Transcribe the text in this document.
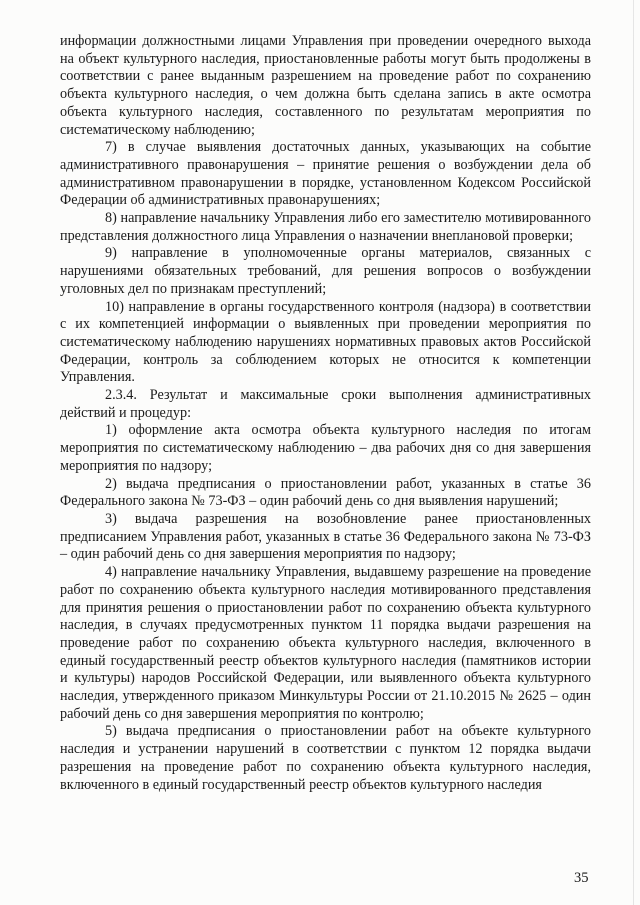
информации должностными лицами Управления при проведении очередного выхода на объект культурного наследия, приостановленные работы могут быть продолжены в соответствии с ранее выданным разрешением на проведение работ по сохранению объекта культурного наследия, о чем должна быть сделана запись в акте осмотра объекта культурного наследия, составленного по результатам мероприятия по систематическому наблюдению;

7) в случае выявления достаточных данных, указывающих на событие административного правонарушения – принятие решения о возбуждении дела об административном правонарушении в порядке, установленном Кодексом Российской Федерации об административных правонарушениях;

8) направление начальнику Управления либо его заместителю мотивированного представления должностного лица Управления о назначении внеплановой проверки;

9) направление в уполномоченные органы материалов, связанных с нарушениями обязательных требований, для решения вопросов о возбуждении уголовных дел по признакам преступлений;

10) направление в органы государственного контроля (надзора) в соответствии с их компетенцией информации о выявленных при проведении мероприятия по систематическому наблюдению нарушениях нормативных правовых актов Российской Федерации, контроль за соблюдением которых не относится к компетенции Управления.

2.3.4. Результат и максимальные сроки выполнения административных действий и процедур:

1) оформление акта осмотра объекта культурного наследия по итогам мероприятия по систематическому наблюдению – два рабочих дня со дня завершения мероприятия по надзору;

2) выдача предписания о приостановлении работ, указанных в статье 36 Федерального закона № 73-ФЗ – один рабочий день со дня выявления нарушений;

3) выдача разрешения на возобновление ранее приостановленных предписанием Управления работ, указанных в статье 36 Федерального закона № 73-ФЗ – один рабочий день со дня завершения мероприятия по надзору;

4) направление начальнику Управления, выдавшему разрешение на проведение работ по сохранению объекта культурного наследия мотивированного представления для принятия решения о приостановлении работ по сохранению объекта культурного наследия, в случаях предусмотренных пунктом 11 порядка выдачи разрешения на проведение работ по сохранению объекта культурного наследия, включенного в единый государственный реестр объектов культурного наследия (памятников истории и культуры) народов Российской Федерации, или выявленного объекта культурного наследия, утвержденного приказом Минкультуры России от 21.10.2015 № 2625 – один рабочий день со дня завершения мероприятия по контролю;

5) выдача предписания о приостановлении работ на объекте культурного наследия и устранении нарушений в соответствии с пунктом 12 порядка выдачи разрешения на проведение работ по сохранению объекта культурного наследия, включенного в единый государственный реестр объектов культурного наследия

35
